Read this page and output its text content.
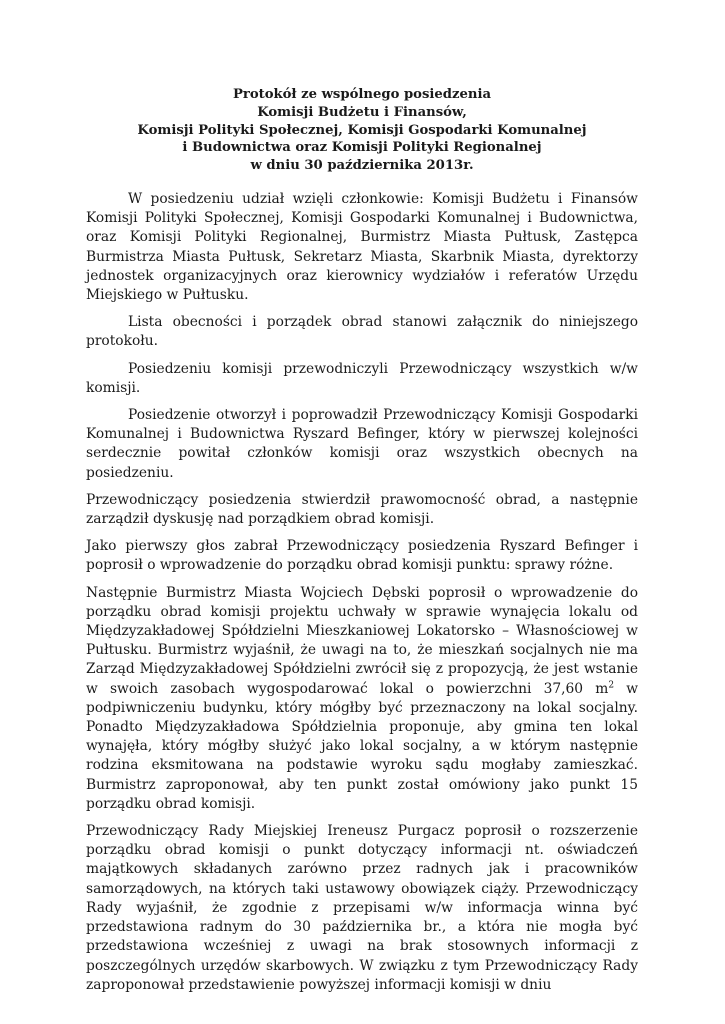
Protokół ze wspólnego posiedzenia
Komisji Budżetu i Finansów,
Komisji Polityki Społecznej, Komisji Gospodarki Komunalnej
i Budownictwa oraz Komisji Polityki Regionalnej
w dniu 30 października 2013r.

W posiedzeniu udział wzięli członkowie: Komisji Budżetu i Finansów Komisji Polityki Społecznej, Komisji Gospodarki Komunalnej i Budownictwa, oraz Komisji Polityki Regionalnej, Burmistrz Miasta Pułtusk, Zastępca Burmistrza Miasta Pułtusk, Sekretarz Miasta, Skarbnik Miasta, dyrektorzy jednostek organizacyjnych oraz kierownicy wydziałów i referatów Urzędu Miejskiego w Pułtusku.

Lista obecności i porządek obrad stanowi załącznik do niniejszego protokołu.

Posiedzeniu komisji przewodniczyli Przewodniczący wszystkich w/w komisji.

Posiedzenie otworzył i poprowadził Przewodniczący Komisji Gospodarki Komunalnej i Budownictwa Ryszard Befinger, który w pierwszej kolejności serdecznie powitał członków komisji oraz wszystkich obecnych na posiedzeniu.

Przewodniczący posiedzenia stwierdził prawomocność obrad, a następnie zarządził dyskusję nad porządkiem obrad komisji.

Jako pierwszy głos zabrał Przewodniczący posiedzenia Ryszard Befinger i poprosił o wprowadzenie do porządku obrad komisji punktu: sprawy różne.

Następnie Burmistrz Miasta Wojciech Dębski poprosił o wprowadzenie do porządku obrad komisji projektu uchwały w sprawie wynajęcia lokalu od Międzyzakładowej Spółdzielni Mieszkaniowej Lokatorsko – Własnościowej w Pułtusku. Burmistrz wyjaśnił, że uwagi na to, że mieszkań socjalnych nie ma Zarząd Międzyzakładowej Spółdzielni zwrócił się z propozycją, że jest wstanie w swoich zasobach wygospodarować lokal o powierzchni 37,60 $m^2$ w podpiwniczeniu budynku, który mógłby być przeznaczony na lokal socjalny. Ponadto Międzyzakładowa Spółdzielnia proponuje, aby gmina ten lokal wynajęła, który mógłby służyć jako lokal socjalny, a w którym następnie rodzina eksmitowana na podstawie wyroku sądu mogłaby zamieszkać. Burmistrz zaproponował, aby ten punkt został omówiony jako punkt 15 porządku obrad komisji.

Przewodniczący Rady Miejskiej Ireneusz Purgacz poprosił o rozszerzenie porządku obrad komisji o punkt dotyczący informacji nt. oświadczeń majątkowych składanych zarówno przez radnych jak i pracowników samorządowych, na których taki ustawowy obowiązek ciąży. Przewodniczący Rady wyjaśnił, że zgodnie z przepisami w/w informacja winna być przedstawiona radnym do 30 października br., a która nie mogła być przedstawiona wcześniej z uwagi na brak stosownych informacji z poszczególnych urzędów skarbowych. W związku z tym Przewodniczący Rady zaproponował przedstawienie powyższej informacji komisji w dniu
